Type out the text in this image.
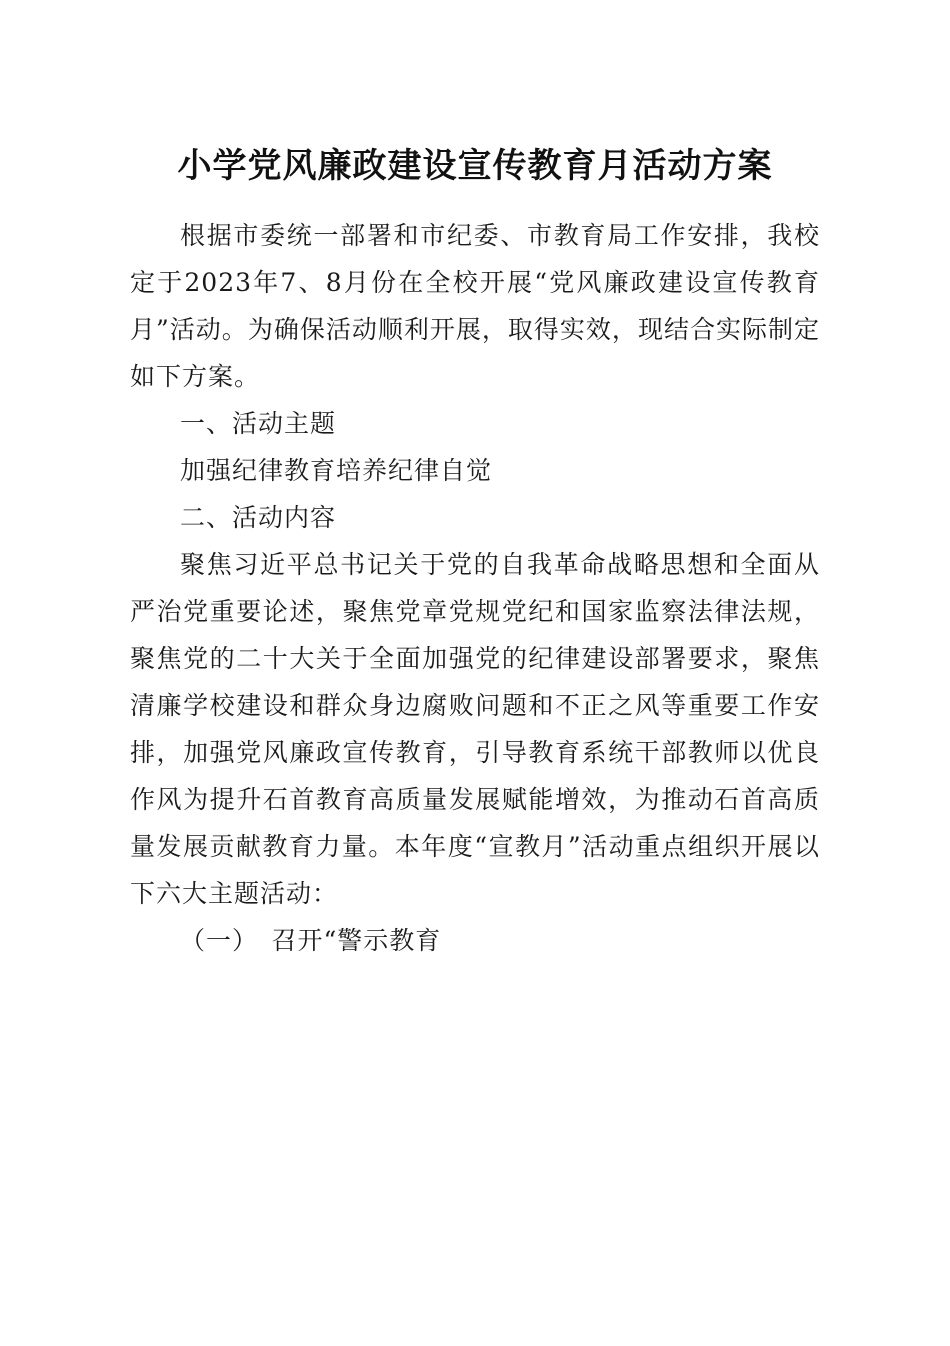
小学党风廉政建设宣传教育月活动方案

根据市委统一部署和市纪委、市教育局工作安排，我校定于2023年7、8月份在全校开展“党风廉政建设宣传教育月”活动。为确保活动顺利开展，取得实效，现结合实际制定如下方案。

一、活动主题

加强纪律教育培养纪律自觉

二、活动内容

聚焦习近平总书记关于党的自我革命战略思想和全面从严治党重要论述，聚焦党章党规党纪和国家监察法律法规，聚焦党的二十大关于全面加强党的纪律建设部署要求，聚焦清廉学校建设和群众身边腐败问题和不正之风等重要工作安排，加强党风廉政宣传教育，引导教育系统干部教师以优良作风为提升石首教育高质量发展赋能增效，为推动石首高质量发展贡献教育力量。本年度“宣教月”活动重点组织开展以下六大主题活动：

（一）　召开“警示教育
